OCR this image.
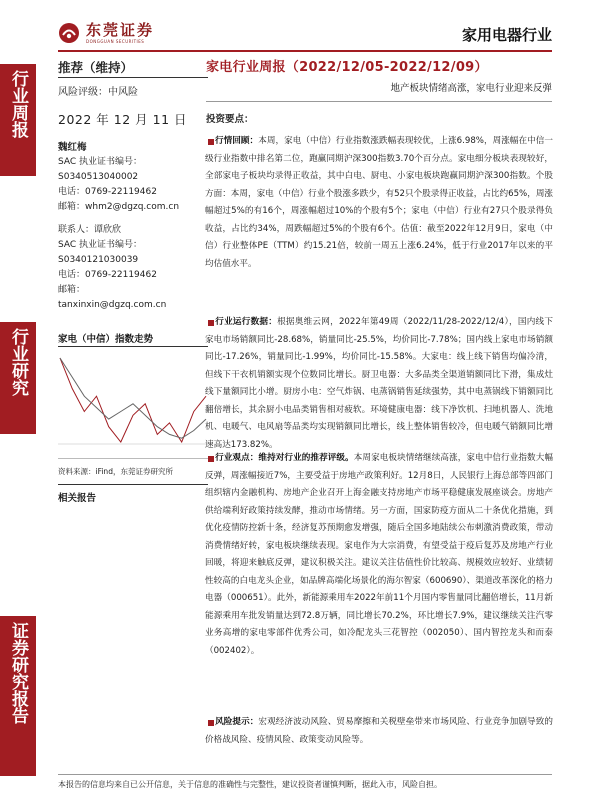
东莞证券
DONGGUAN SECURITIES	家用电器行业
行业周报
行业研究
证券研究报告
推荐（维持）
风险评级：中风险
2022 年 12 月 11 日
魏红梅
SAC 执业证书编号：
S0340513040002
电话：0769-22119462
邮箱：whm2@dgzq.com.cn
联系人：谭欣欣
SAC 执业证书编号：
S0340121030039
电话：0769-22119462
邮箱：
tanxinxin@dgzq.com.cn
家电（中信）指数走势
资料来源：iFind，东莞证券研究所
相关报告
家电行业周报（2022/12/05-2022/12/09）
地产板块情绪高涨，家电行业迎来反弹
投资要点：
行情回顾：本周，家电（中信）行业指数涨跌幅表现较优，上涨6.98%，周涨幅在中信一级行业指数中排名第二位，跑赢同期沪深300指数3.70个百分点。家电细分板块表现较好，全部家电子板块均录得正收益，其中白电、厨电、小家电板块跑赢同期沪深300指数。个股方面：本周，家电（中信）行业个股涨多跌少，有52只个股录得正收益，占比约65%，周涨幅超过5%的有16个，周涨幅超过10%的个股有5个；家电（中信）行业有27只个股录得负收益，占比约34%，周跌幅超过5%的个股有6个。估值：截至2022年12月9日，家电（中信）行业整体PE（TTM）约15.21倍，较前一周五上涨6.24%，低于行业2017年以来的平均估值水平。
行业运行数据：根据奥维云网，2022年第49周（2022/11/28-2022/12/4），国内线下家电市场销额同比-28.68%，销量同比-25.5%，均价同比-7.78%；国内线上家电市场销额同比-17.26%，销量同比-1.99%，均价同比-15.58%。大家电：线上线下销售均偏冷清，但线下干衣机销额实现个位数同比增长。厨卫电器：大多品类全渠道销额同比下滑，集成灶线下量额同比小增。厨房小电：空气炸锅、电蒸锅销售延续强势，其中电蒸锅线下销额同比翻倍增长，其余厨小电品类销售相对疲软。环境健康电器：线下净饮机、扫地机器人、洗地机、电暖气、电风扇等品类均实现销额同比增长，线上整体销售较冷，但电暖气销额同比增速高达173.82%。
行业观点：维持对行业的推荐评级。本周家电板块情绪继续高涨，家电中信行业指数大幅反弹，周涨幅接近7%，主要受益于房地产政策利好。12月8日，人民银行上海总部等四部门组织辖内金融机构、房地产企业召开上海金融支持房地产市场平稳健康发展座谈会。房地产供给端利好政策持续发酵，推动市场情绪。另一方面，国家防疫方面从二十条优化措施，到优化疫情防控新十条，经济复苏预期愈发增强，随后全国多地陆续公布刺激消费政策，带动消费情绪好转，家电板块继续表现。家电作为大宗消费，有望受益于疫后复苏及房地产行业回暖，将迎来触底反弹，建议积极关注。建议关注估值性价比较高、规模效应较好、业绩韧性较高的白电龙头企业，如品牌高端化场景化的海尔智家（600690）、渠道改革深化的格力电器（000651）。此外，新能源乘用车2022年前11个月国内零售量同比翻倍增长，11月新能源乘用车批发销量达到72.8万辆，同比增长70.2%，环比增长7.9%，建议继续关注汽零业务高增的家电零部件优秀公司，如冷配龙头三花智控（002050）、国内智控龙头和而泰（002402）。
风险提示：宏观经济波动风险、贸易摩擦和关税壁垒带来市场风险、行业竞争加剧导致的价格战风险、疫情风险、政策变动风险等。
本报告的信息均来自已公开信息，关于信息的准确性与完整性，建议投资者谨慎判断，据此入市，风险自担。
